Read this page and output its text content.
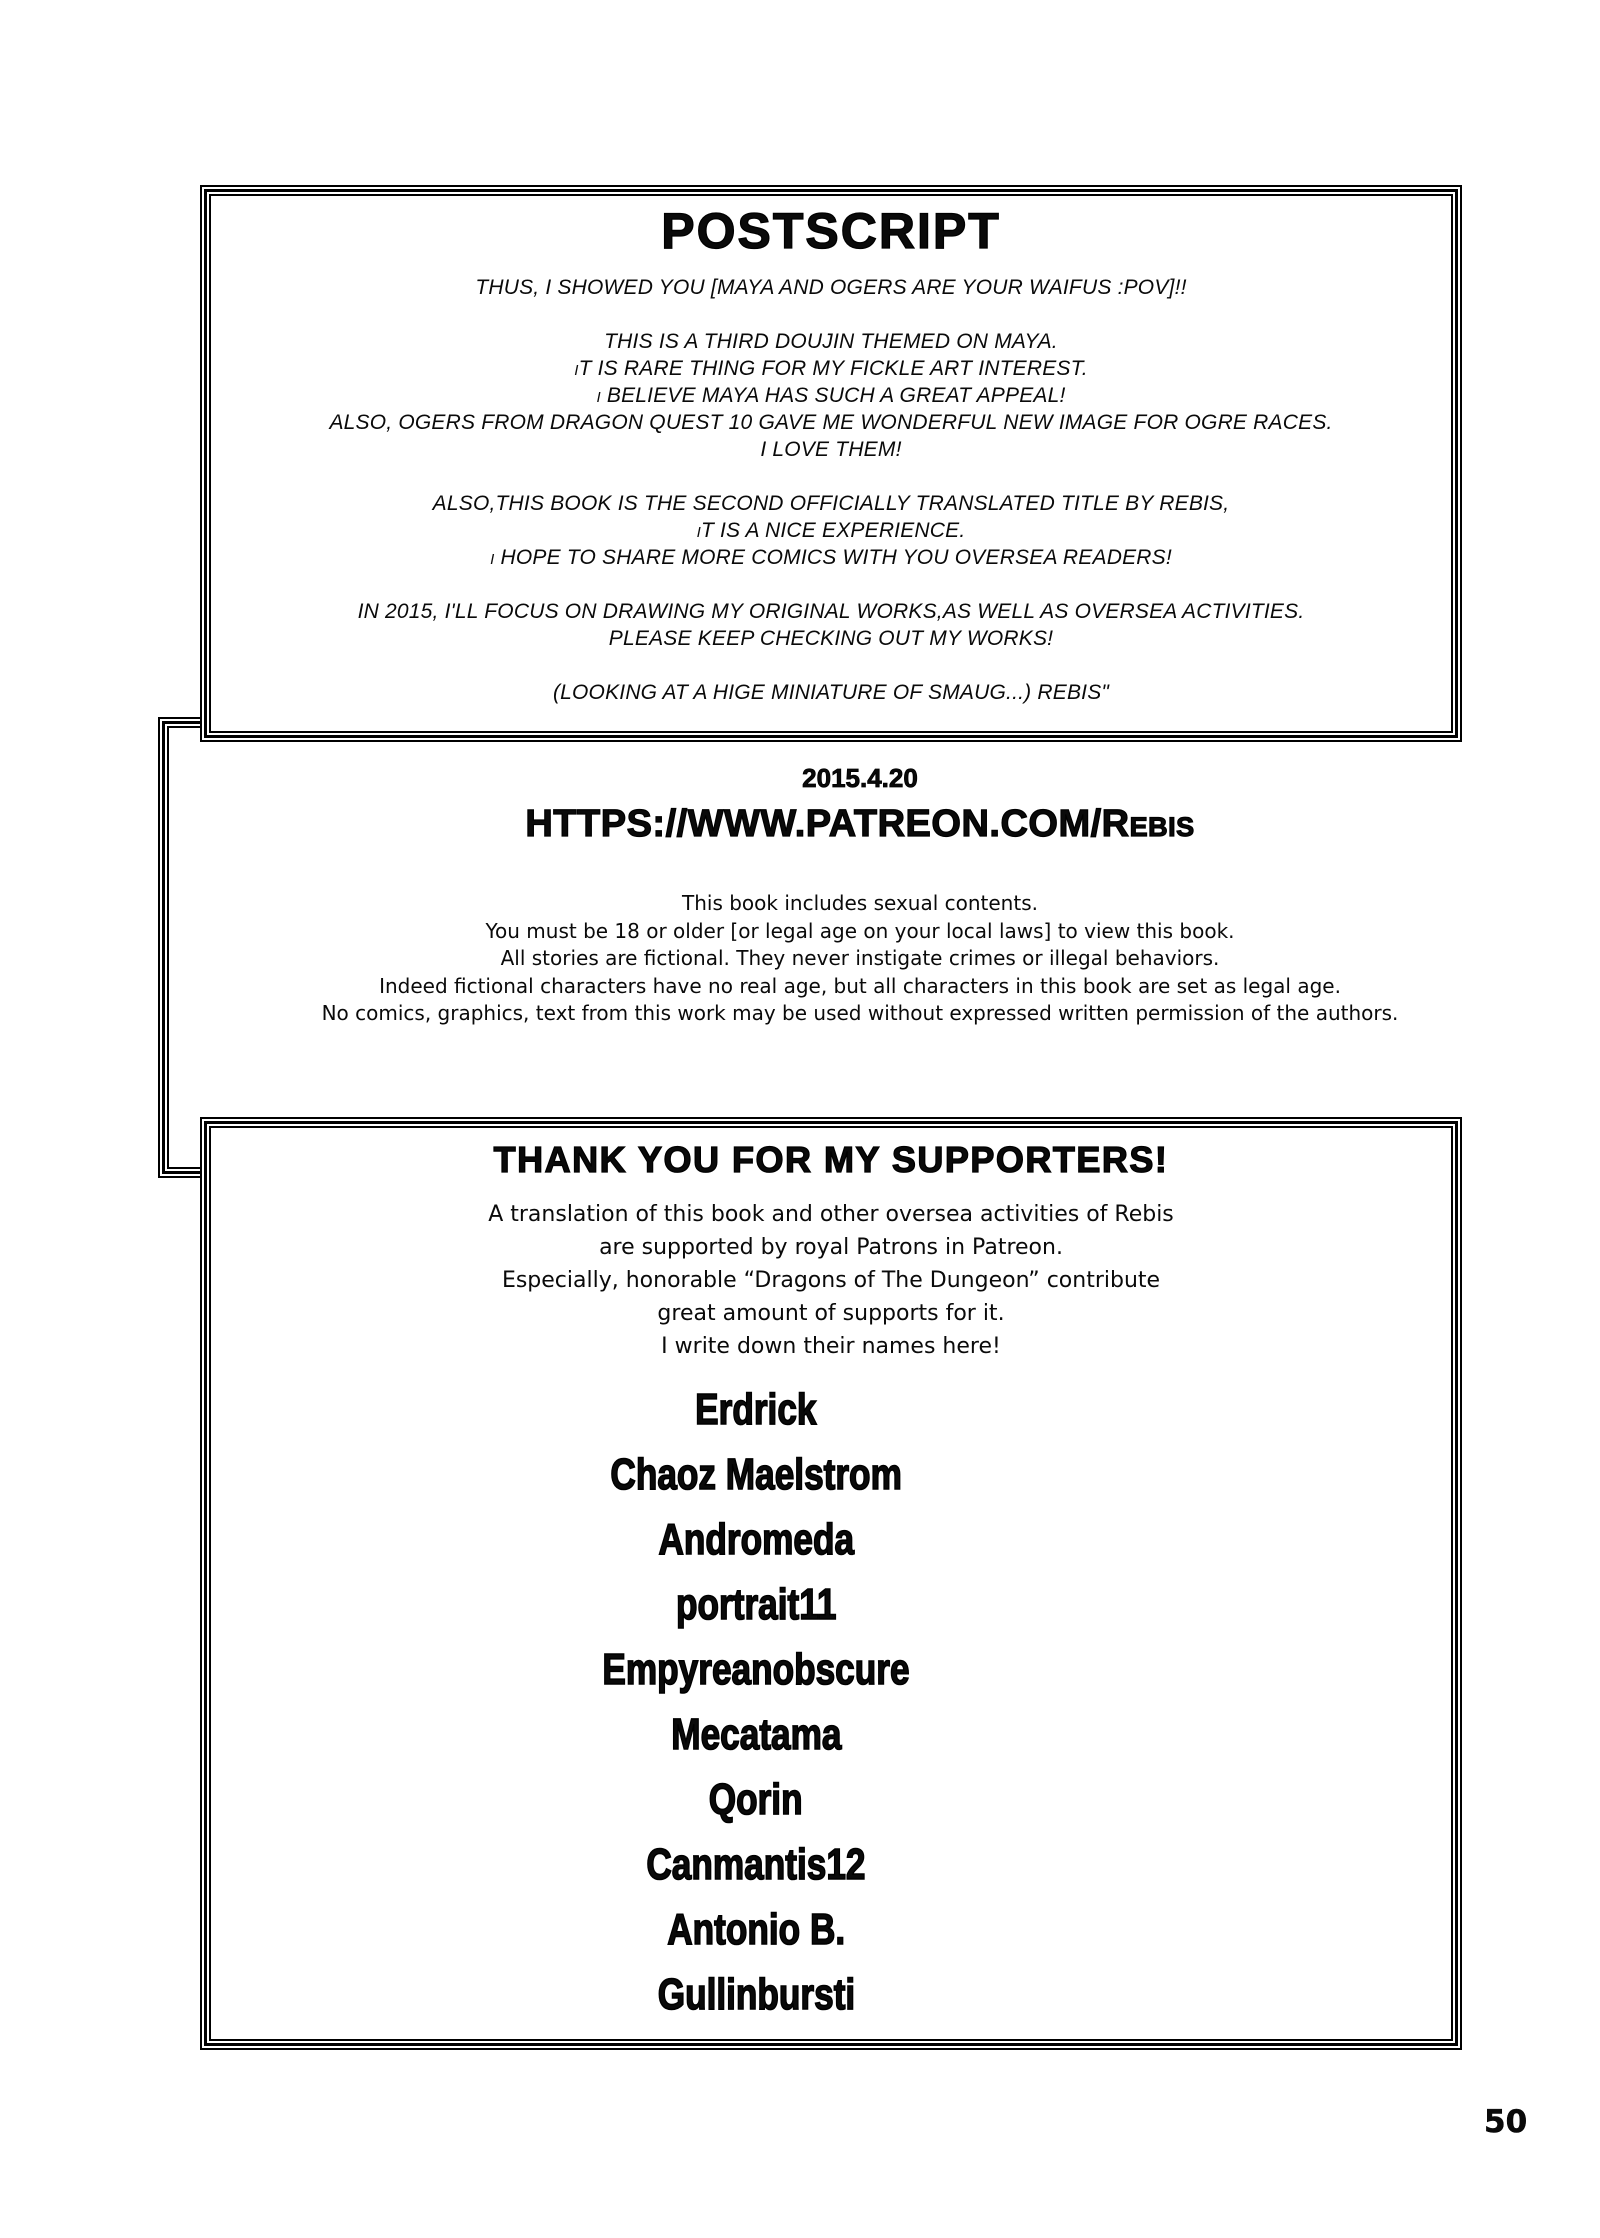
POSTSCRIPT
THUS, I SHOWED YOU [MAYA AND OGERS ARE YOUR WAIFUS :POV]!!
THIS IS A THIRD DOUJIN THEMED ON MAYA.
iT IS RARE THING FOR MY FICKLE ART INTEREST.
i BELIEVE MAYA HAS SUCH A GREAT APPEAL!
ALSO, OGERS FROM DRAGON QUEST 10 GAVE ME WONDERFUL NEW IMAGE FOR OGRE RACES.
I LOVE THEM!
ALSO,THIS BOOK IS THE SECOND OFFICIALLY TRANSLATED TITLE BY REBIS,
iT IS A NICE EXPERIENCE.
i HOPE TO SHARE MORE COMICS WITH YOU OVERSEA READERS!
IN 2015, I'LL FOCUS ON DRAWING MY ORIGINAL WORKS,AS WELL AS OVERSEA ACTIVITIES.
PLEASE KEEP CHECKING OUT MY WORKS!
(LOOKING AT A HIGE MINIATURE OF SMAUG...) REBIS"
2015.4.20
HTTPS://WWW.PATREON.COM/Rebis
This book includes sexual contents.
You must be 18 or older [or legal age on your local laws] to view this book.
All stories are fictional. They never instigate crimes or illegal behaviors.
Indeed fictional characters have no real age, but all characters in this book are set as legal age.
No comics, graphics, text from this work may be used without expressed written permission of the authors.
THANK YOU FOR MY SUPPORTERS!
A translation of this book and other oversea activities of Rebis
are supported by royal Patrons in Patreon.
Especially, honorable “Dragons of The Dungeon” contribute
great amount of supports for it.
I write down their names here!
Erdrick
Chaoz Maelstrom
Andromeda
portrait11
Empyreanobscure
Mecatama
Qorin
Canmantis12
Antonio B.
Gullinbursti
50
